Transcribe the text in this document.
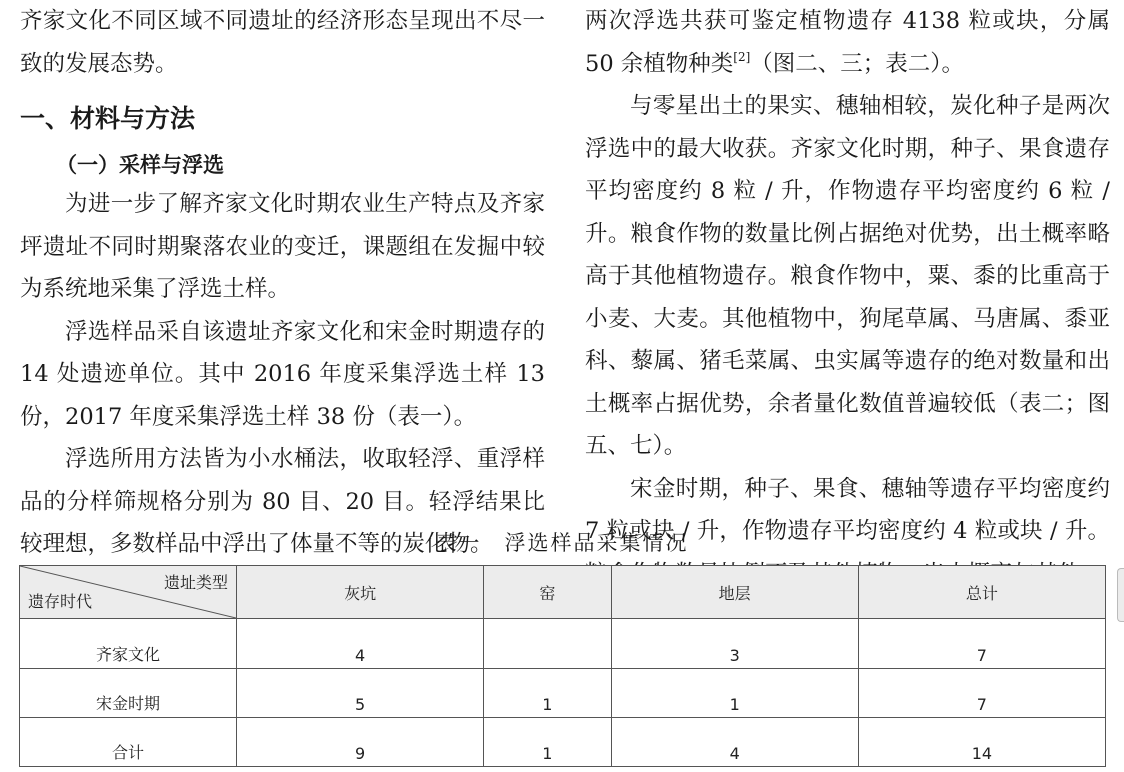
齐家文化不同区域不同遗址的经济形态呈现出不尽一致的发展态势。

一、材料与方法

（一）采样与浮选

为进一步了解齐家文化时期农业生产特点及齐家坪遗址不同时期聚落农业的变迁，课题组在发掘中较为系统地采集了浮选土样。

浮选样品采自该遗址齐家文化和宋金时期遗存的 14 处遗迹单位。其中 2016 年度采集浮选土样 13 份，2017 年度采集浮选土样 38 份（表一）。

浮选所用方法皆为小水桶法，收取轻浮、重浮样品的分样筛规格分别为 80 目、20 目。轻浮结果比较理想，多数样品中浮出了体量不等的炭化物。

两次浮选共获可鉴定植物遗存 4138 粒或块，分属 50 余植物种类[2]（图二、三；表二）。

与零星出土的果实、穗轴相较，炭化种子是两次浮选中的最大收获。齐家文化时期，种子、果食遗存平均密度约 8 粒 / 升，作物遗存平均密度约 6 粒 / 升。粮食作物的数量比例占据绝对优势，出土概率略高于其他植物遗存。粮食作物中，粟、黍的比重高于小麦、大麦。其他植物中，狗尾草属、马唐属、黍亚科、藜属、猪毛菜属、虫实属等遗存的绝对数量和出土概率占据优势，余者量化数值普遍较低（表二；图五、七）。

宋金时期，种子、果食、穗轴等遗存平均密度约 7 粒或块 / 升，作物遗存平均密度约 4 粒或块 / 升。

表一　浮选样品采集情况
遗址类型
遗存时代	灰坑	窑	地层	总计
齐家文化	4		3	7
宋金时期	5	1	1	7
合计	9	1	4	14
